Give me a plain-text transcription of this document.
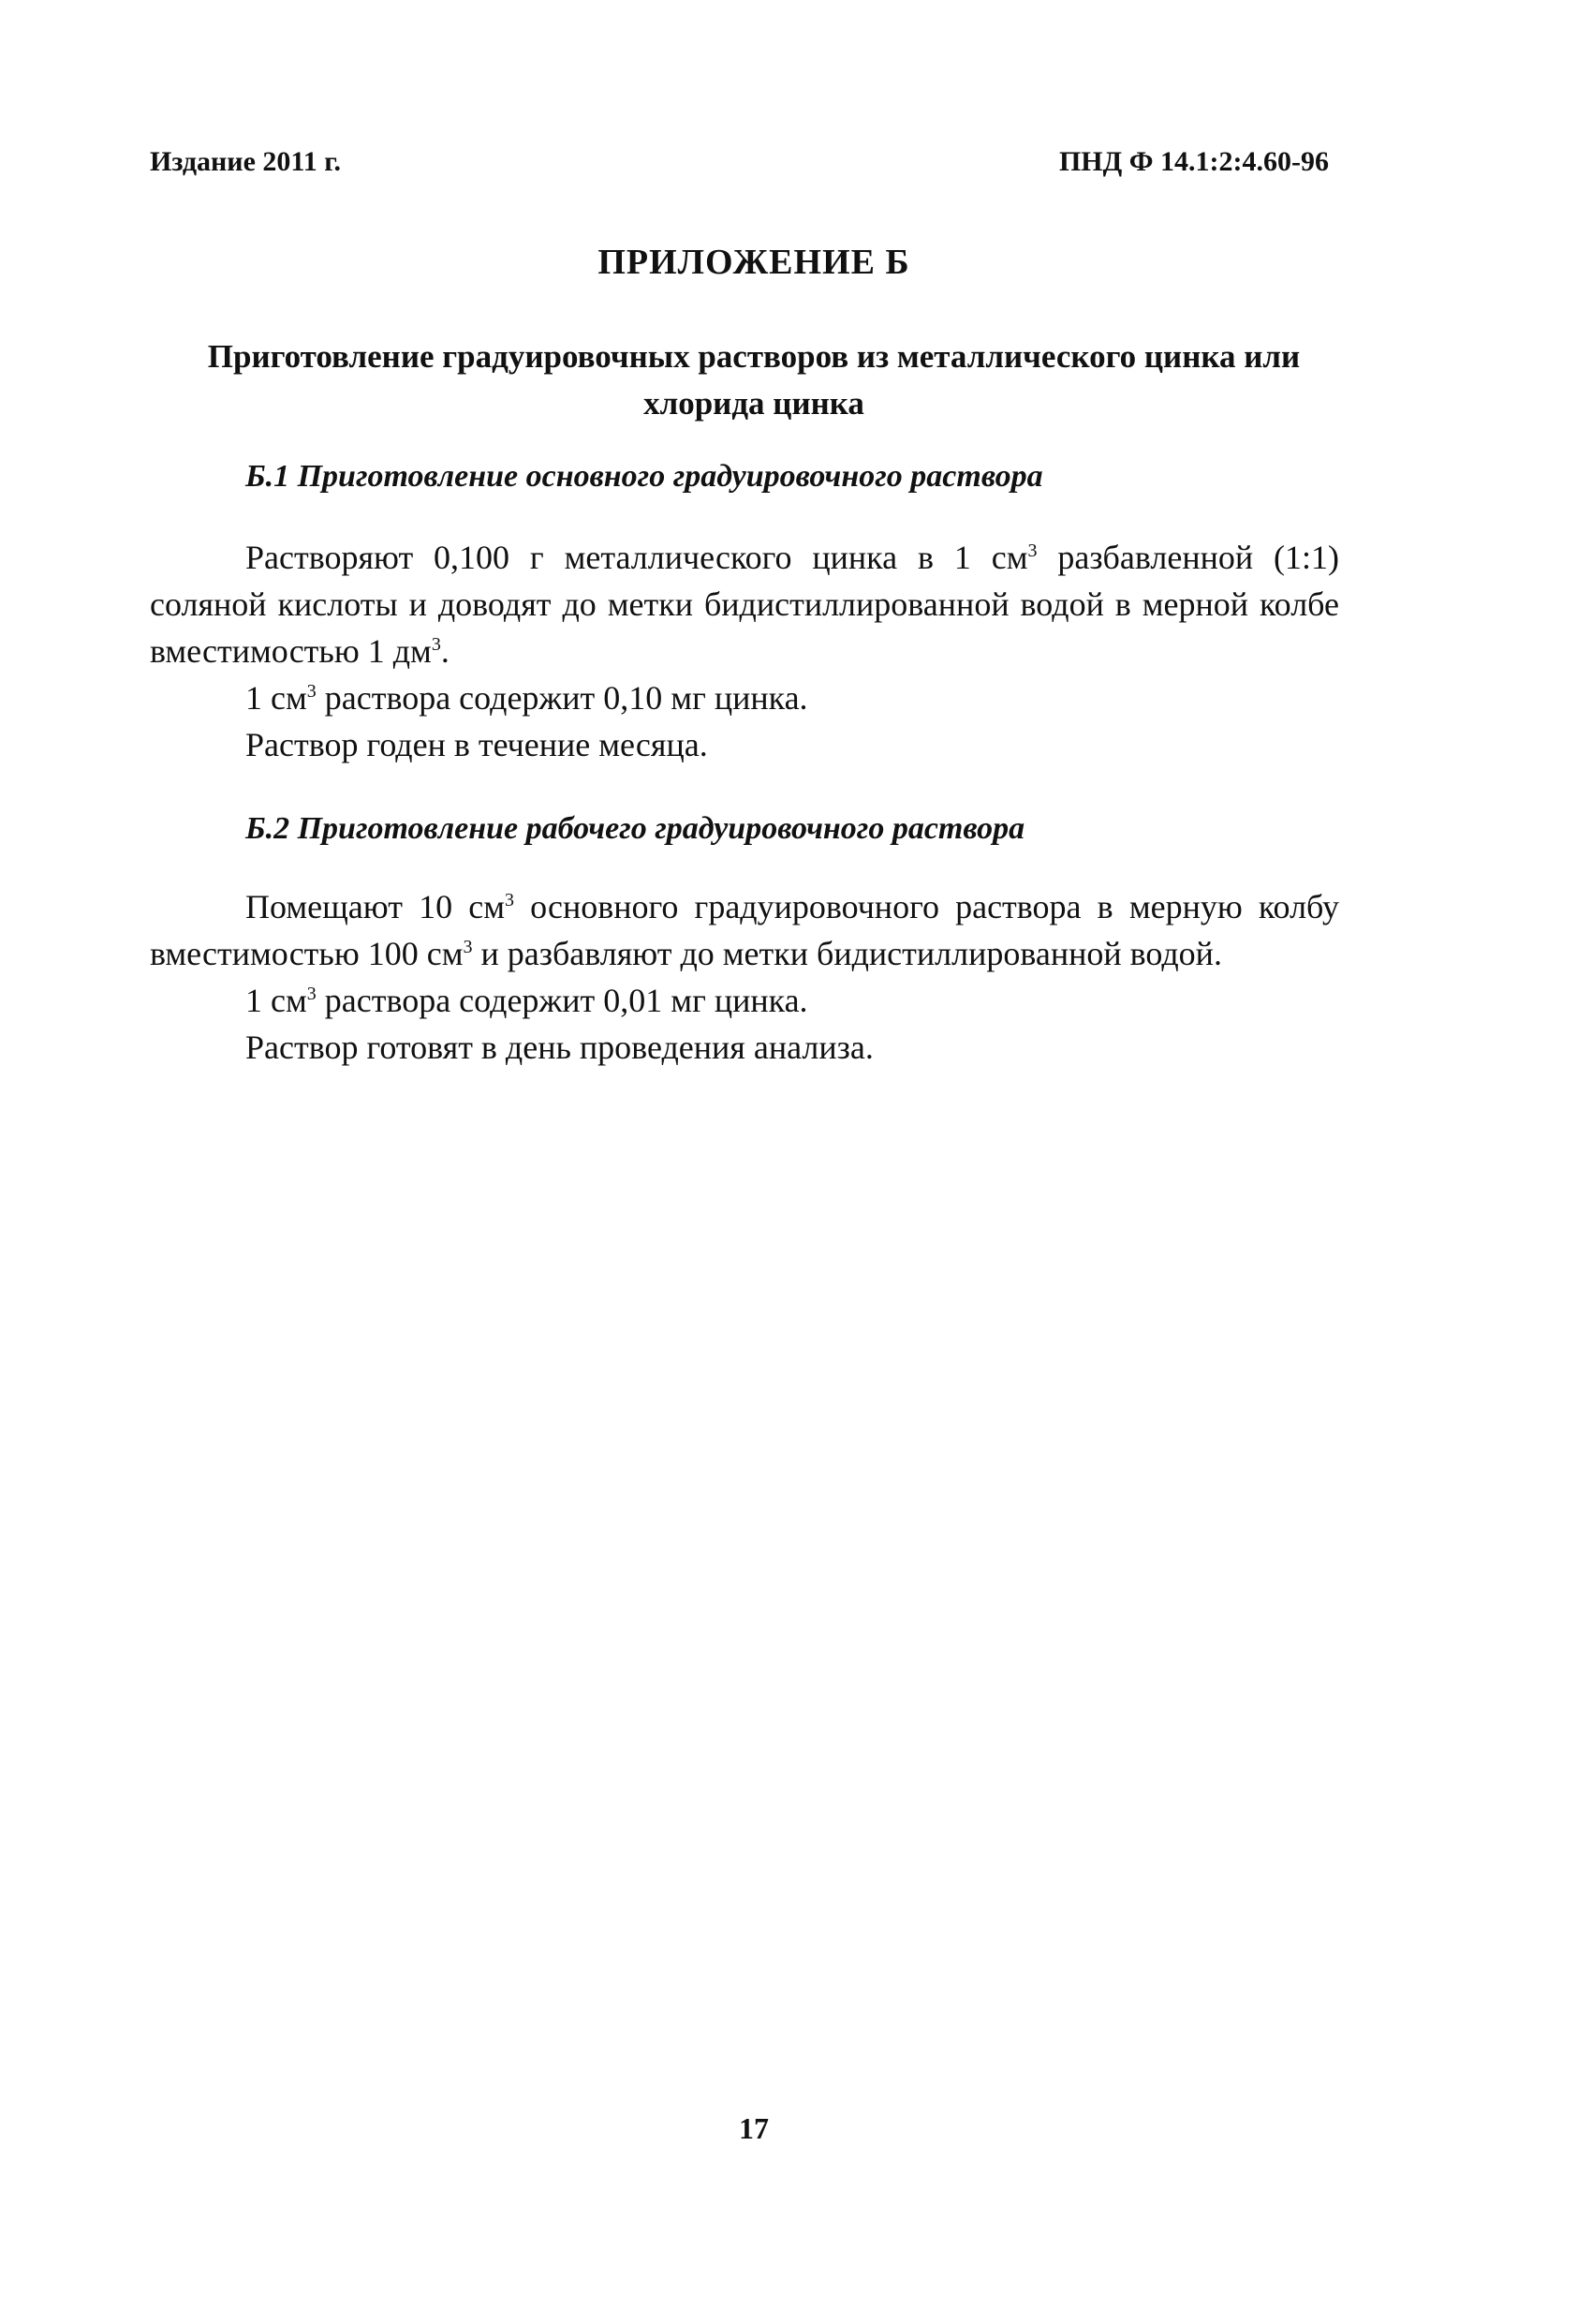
Издание 2011 г.	ПНД Ф 14.1:2:4.60-96
ПРИЛОЖЕНИЕ Б
Приготовление градуировочных растворов из металлического цинка или хлорида цинка
Б.1 Приготовление основного градуировочного раствора

Растворяют 0,100 г металлического цинка в 1 $см^3$ разбавленной (1:1) соляной кислоты и доводят до метки бидистиллированной водой в мерной колбе вместимостью 1 $дм^3$.

1 $см^3$ раствора содержит 0,10 мг цинка.

Раствор годен в течение месяца.

Б.2 Приготовление рабочего градуировочного раствора

Помещают 10 $см^3$ основного градуировочного раствора в мерную колбу вместимостью 100 $см^3$ и разбавляют до метки бидистиллированной водой.

1 $см^3$ раствора содержит 0,01 мг цинка.

Раствор готовят в день проведения анализа.

17
